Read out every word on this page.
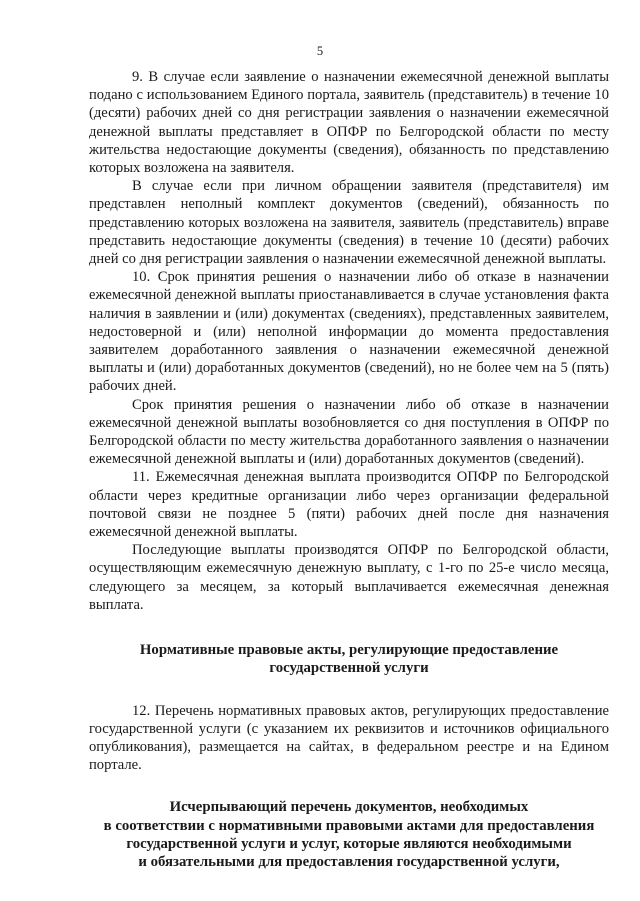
5

9. В случае если заявление о назначении ежемесячной денежной выплаты подано с использованием Единого портала, заявитель (представитель) в течение 10 (десяти) рабочих дней со дня регистрации заявления о назначении ежемесячной денежной выплаты представляет в ОПФР по Белгородской области по месту жительства недостающие документы (сведения), обязанность по представлению которых возложена на заявителя.

В случае если при личном обращении заявителя (представителя) им представлен неполный комплект документов (сведений), обязанность по представлению которых возложена на заявителя, заявитель (представитель) вправе представить недостающие документы (сведения) в течение 10 (десяти) рабочих дней со дня регистрации заявления о назначении ежемесячной денежной выплаты.

10. Срок принятия решения о назначении либо об отказе в назначении ежемесячной денежной выплаты приостанавливается в случае установления факта наличия в заявлении и (или) документах (сведениях), представленных заявителем, недостоверной и (или) неполной информации до момента предоставления заявителем доработанного заявления о назначении ежемесячной денежной выплаты и (или) доработанных документов (сведений), но не более чем на 5 (пять) рабочих дней.

Срок принятия решения о назначении либо об отказе в назначении ежемесячной денежной выплаты возобновляется со дня поступления в ОПФР по Белгородской области по месту жительства доработанного заявления о назначении ежемесячной денежной выплаты и (или) доработанных документов (сведений).

11. Ежемесячная денежная выплата производится ОПФР по Белгородской области через кредитные организации либо через организации федеральной почтовой связи не позднее 5 (пяти) рабочих дней после дня назначения ежемесячной денежной выплаты.

Последующие выплаты производятся ОПФР по Белгородской области, осуществляющим ежемесячную денежную выплату, с 1-го по 25-е число месяца, следующего за месяцем, за который выплачивается ежемесячная денежная выплата.

Нормативные правовые акты, регулирующие предоставление
государственной услуги

12. Перечень нормативных правовых актов, регулирующих предоставление государственной услуги (с указанием их реквизитов и источников официального опубликования), размещается на сайтах, в федеральном реестре и на Едином портале.

Исчерпывающий перечень документов, необходимых
в соответствии с нормативными правовыми актами для предоставления
государственной услуги и услуг, которые являются необходимыми
и обязательными для предоставления государственной услуги,
